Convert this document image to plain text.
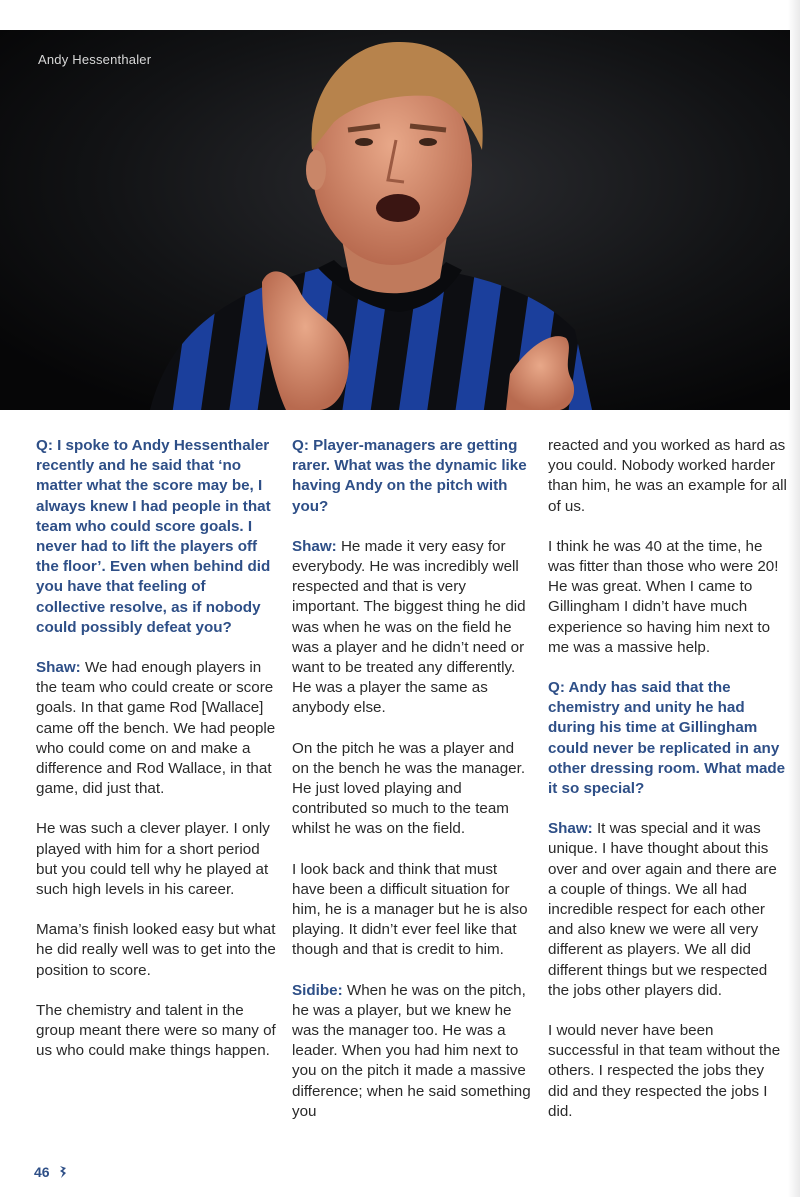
Andy Hessenthaler

Q: I spoke to Andy Hessenthaler recently and he said that ‘no matter what the score may be, I always knew I had people in that team who could score goals. I never had to lift the players off the floor’. Even when behind did you have that feeling of collective resolve, as if nobody could possibly defeat you?

Shaw: We had enough players in the team who could create or score goals. In that game Rod [Wallace] came off the bench. We had people who could come on and make a difference and Rod Wallace, in that game, did just that.

He was such a clever player. I only played with him for a short period but you could tell why he played at such high levels in his career.

Mama’s finish looked easy but what he did really well was to get into the position to score.

The chemistry and talent in the group meant there were so many of us who could make things happen.

Q: Player-managers are getting rarer. What was the dynamic like having Andy on the pitch with you?

Shaw: He made it very easy for everybody. He was incredibly well respected and that is very important. The biggest thing he did was when he was on the field he was a player and he didn’t need or want to be treated any differently. He was a player the same as anybody else.

On the pitch he was a player and on the bench he was the manager. He just loved playing and contributed so much to the team whilst he was on the field.

I look back and think that must have been a difficult situation for him, he is a manager but he is also playing. It didn’t ever feel like that though and that is credit to him.

Sidibe: When he was on the pitch, he was a player, but we knew he was the manager too. He was a leader. When you had him next to you on the pitch it made a massive difference; when he said something you

reacted and you worked as hard as you could. Nobody worked harder than him, he was an example for all of us.

I think he was 40 at the time, he was fitter than those who were 20! He was great. When I came to Gillingham I didn’t have much experience so having him next to me was a massive help.

Q: Andy has said that the chemistry and unity he had during his time at Gillingham could never be replicated in any other dressing room. What made it so special?

Shaw: It was special and it was unique. I have thought about this over and over again and there are a couple of things. We all had incredible respect for each other and also knew we were all very different as players. We all did different things but we respected the jobs other players did.

I would never have been successful in that team without the others. I respected the jobs they did and they respected the jobs I did.

46
